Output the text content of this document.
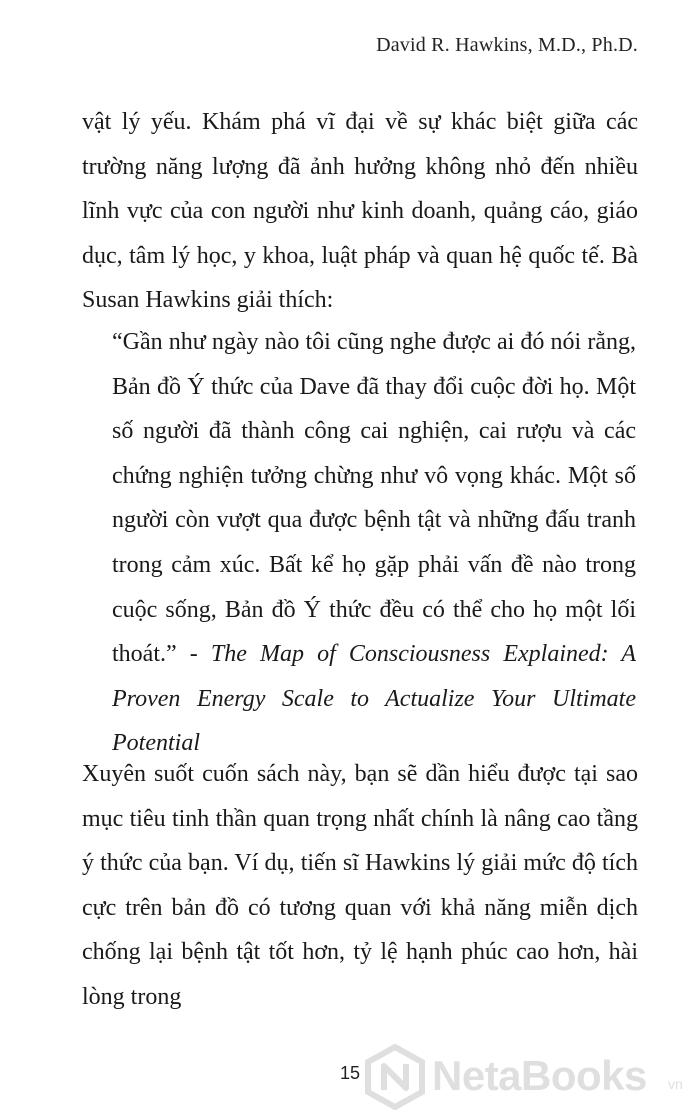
David R. Hawkins, M.D., Ph.D.
vật lý yếu. Khám phá vĩ đại về sự khác biệt giữa các trường năng lượng đã ảnh hưởng không nhỏ đến nhiều lĩnh vực của con người như kinh doanh, quảng cáo, giáo dục, tâm lý học, y khoa, luật pháp và quan hệ quốc tế. Bà Susan Hawkins giải thích:
“Gần như ngày nào tôi cũng nghe được ai đó nói rằng, Bản đồ Ý thức của Dave đã thay đổi cuộc đời họ. Một số người đã thành công cai nghiện, cai rượu và các chứng nghiện tưởng chừng như vô vọng khác. Một số người còn vượt qua được bệnh tật và những đấu tranh trong cảm xúc. Bất kể họ gặp phải vấn đề nào trong cuộc sống, Bản đồ Ý thức đều có thể cho họ một lối thoát.” - The Map of Consciousness Explained: A Proven Energy Scale to Actualize Your Ultimate Potential
Xuyên suốt cuốn sách này, bạn sẽ dần hiểu được tại sao mục tiêu tinh thần quan trọng nhất chính là nâng cao tầng ý thức của bạn. Ví dụ, tiến sĩ Hawkins lý giải mức độ tích cực trên bản đồ có tương quan với khả năng miễn dịch chống lại bệnh tật tốt hơn, tỷ lệ hạnh phúc cao hơn, hài lòng trong
15 NetaBooks vn
